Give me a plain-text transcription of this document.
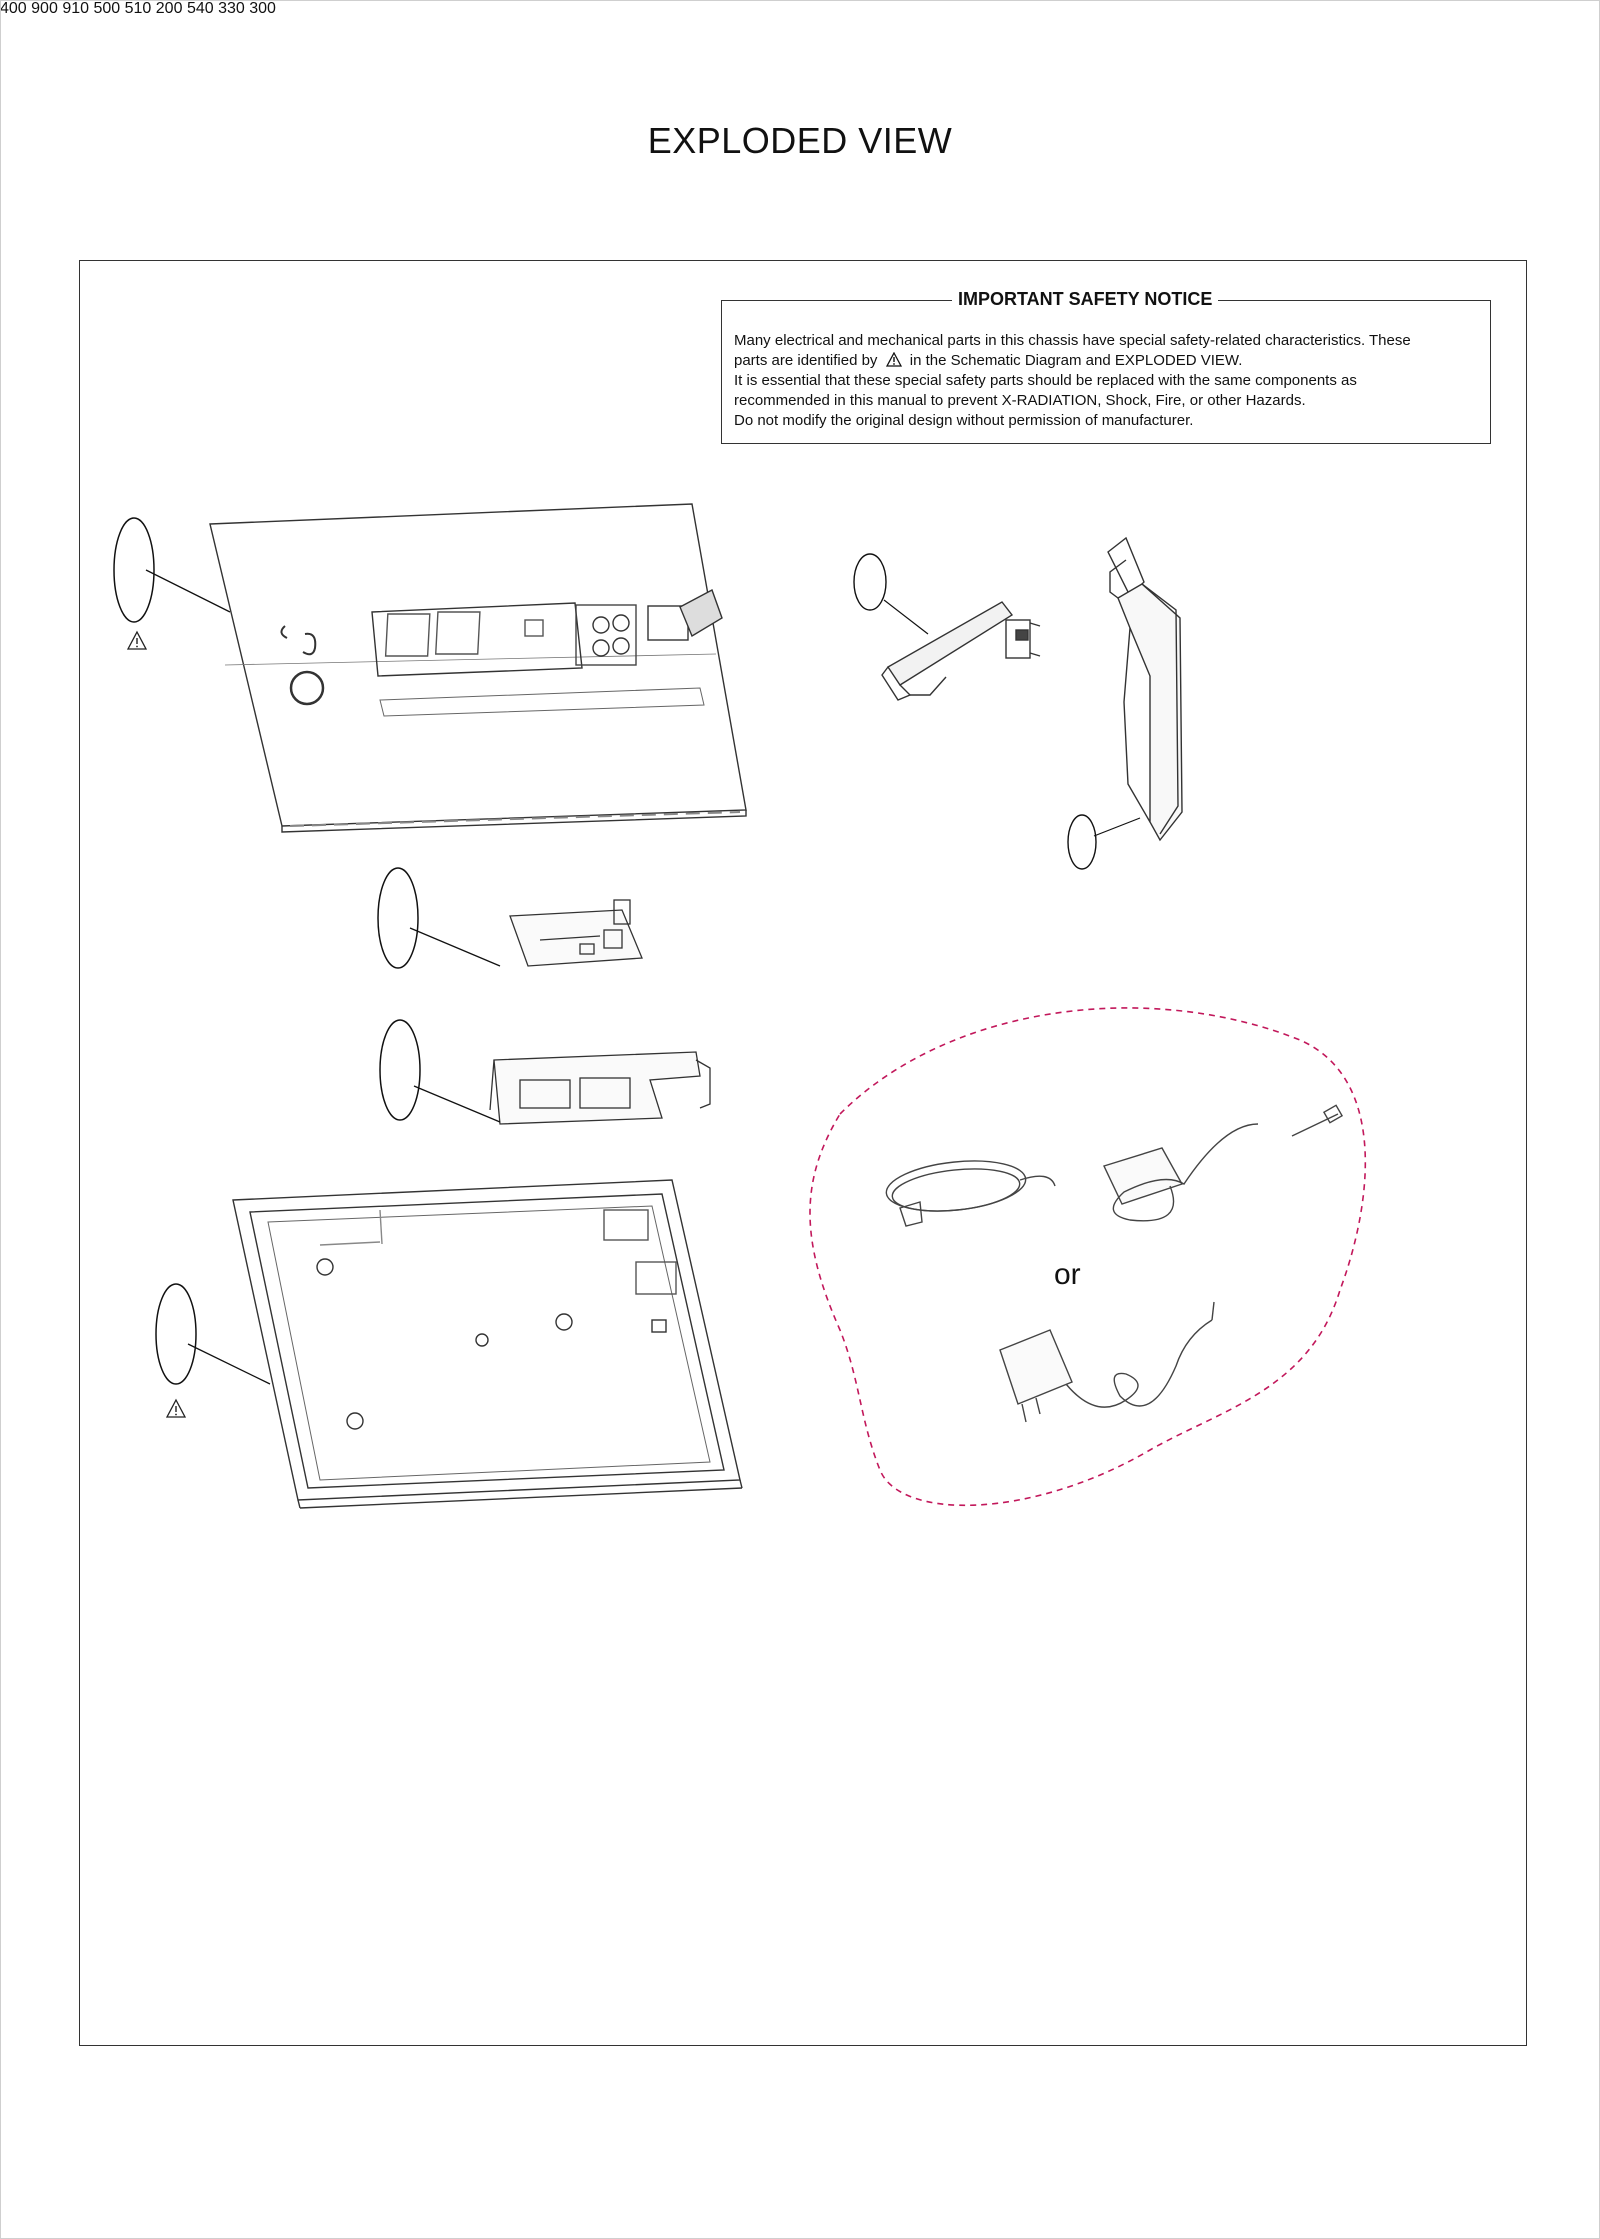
EXPLODED VIEW
IMPORTANT SAFETY NOTICE

Many electrical and mechanical parts in this chassis have special safety-related characteristics. These

parts are identified by in the Schematic Diagram and EXPLODED VIEW.

It is essential that these special safety parts should be replaced with the same components as

recommended in this manual to prevent X-RADIATION, Shock, Fire, or other Hazards.

Do not modify the original design without permission of manufacturer.

400 900 910 500 510 200 540 330 300
or
